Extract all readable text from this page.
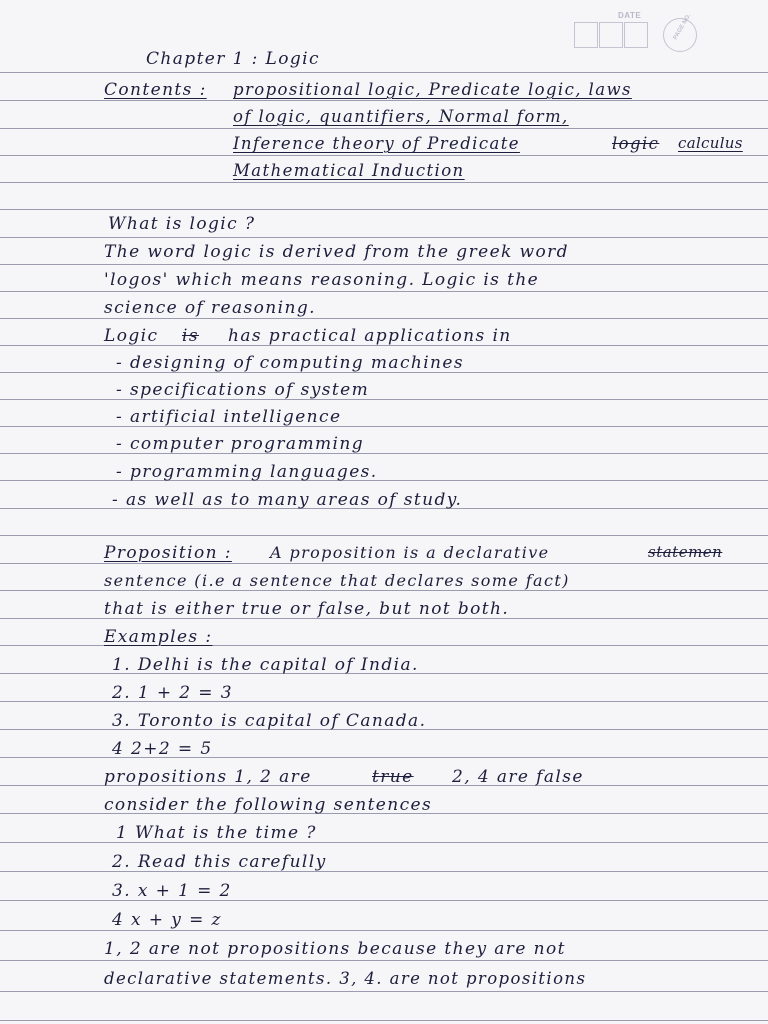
DATE	PAGE NO.
Chapter 1 : Logic
Contents : propositional logic, Predicate logic, laws
of logic, quantifiers, Normal form,
Inference theory of Predicate	logic calculus
Mathematical Induction
What is logic ?
The word logic is derived from the greek word
'logos' which means reasoning. Logic is the
science of reasoning.
Logic is has practical applications in
- designing of computing machines
- specifications of system
- artificial intelligence
- computer programming
- programming languages.
- as well as to many areas of study.
Proposition : A proposition is a declarative	statemen
sentence (i.e a sentence that declares some fact)
that is either true or false, but not both.
Examples :
1. Delhi is the capital of India.
2. 1 + 2 = 3
3. Toronto is capital of Canada.
4 2+2 = 5
propositions 1, 2 are	true 2, 4 are false
consider the following sentences
1 What is the time ?
2. Read this carefully
3. x + 1 = 2
4 x + y = z
1, 2 are not propositions because they are not
declarative statements. 3, 4. are not propositions
